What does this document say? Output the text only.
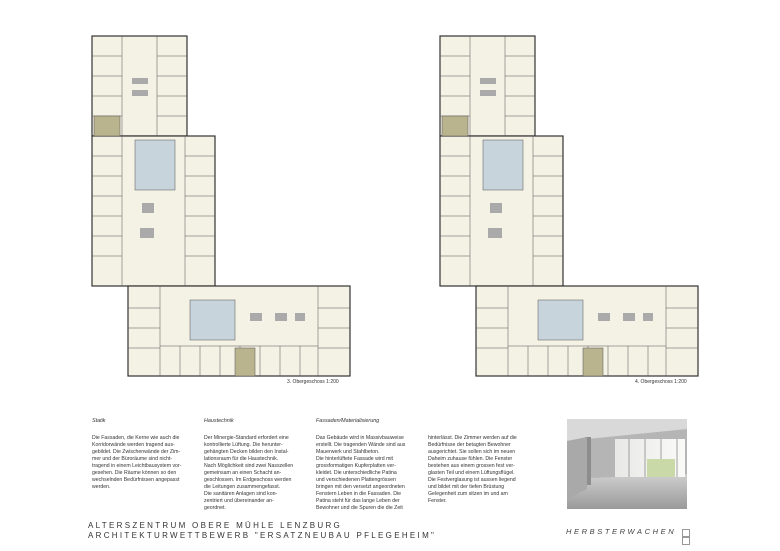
3. Obergeschoss 1:200	4. Obergeschoss 1:200
Statik

Die Fassaden, die Kerne wie auch die
Korridorwände werden tragend aus-
gebildet. Die Zwischenwände der Zim-
mer und der Büroräume sind nicht-
tragend in einem Leichtbausystem vor-
gesehen. Die Räume können so den
wechselnden Bedürfnissen angepasst
werden.

Haustechnik

Der Minergie-Standard erfordert eine
kontrollierte Lüftung. Die herunter-
gehängten Decken bilden den Instal-
lationsraum für die Haustechnik.
Nach Möglichkeit sind zwei Nasszellen
gemeinsam an einen Schacht an-
geschlossen. Im Erdgeschoss werden
die Leitungen zusammengefasst.
Die sanitären Anlagen sind kon-
zentriert und übereinander an-
geordnet.

Fassaden/Materialisierung

Das Gebäude wird in Massivbauweise
erstellt. Die tragenden Wände sind aus
Mauerwerk und Stahlbeton.
Die hinterlüftete Fassade wird mit
grossformatigen Kupferplatten ver-
kleidet. Die unterschiedliche Patina
und verschiedenen Plattengrössen
bringen mit den versetzt angeordneten
Fenstern Leben in die Fassaden. Die
Patina steht für das lange Leben der
Bewohner und die Spuren die die Zeit

hinterlässt. Die Zimmer werden auf die
Bedürfnisse der betagten Bewohner
ausgerichtet. Sie sollen sich im neuen
Daheim zuhause fühlen. Die Fenster
bestehen aus einem grossen fest ver-
glasten Teil und einem Lüftungsflügel.
Die Festverglasung ist aussen liegend
und bildet mit der tiefen Brüstung
Gelegenheit zum sitzen im und am
Fenster.

ALTERSZENTRUM OBERE MÜHLE LENZBURG
ARCHITEKTURWETTBEWERB "ERSATZNEUBAU PFLEGEHEIM"	HERBSTERWACHEN
